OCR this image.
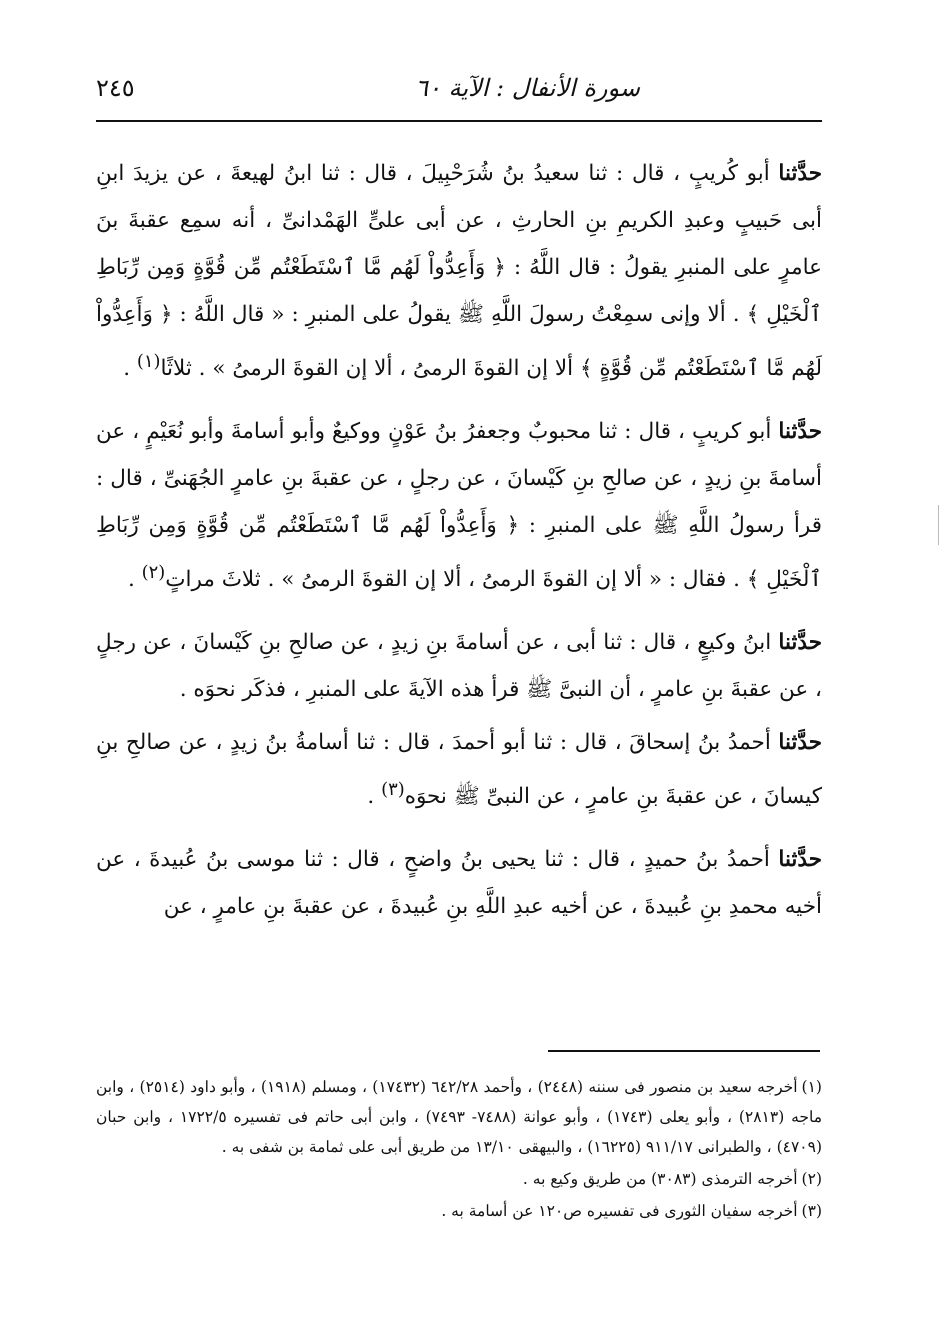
سورة الأنفال : الآية ٦٠
٢٤٥

حدَّثنا أبو كُريبٍ ، قال : ثنا سعيدُ بنُ شُرَحْبِيلَ ، قال : ثنا ابنُ لهيعةَ ، عن يزيدَ ابنِ أبى حَبيبٍ وعبدِ الكريمِ بنِ الحارثِ ، عن أبى علىٍّ الهَمْدانىِّ ، أنه سمِع عقبةَ بنَ عامرٍ على المنبرِ يقولُ : قال اللَّهُ : ﴿ وَأَعِدُّواْ لَهُم مَّا ٱسْتَطَعْتُم مِّن قُوَّةٍ وَمِن رِّبَاطِ ٱلْخَيْلِ ﴾ . ألا وإنى سمِعْتُ رسولَ اللَّهِ ﷺ يقولُ على المنبرِ : « قال اللَّهُ : ﴿ وَأَعِدُّواْ لَهُم مَّا ٱسْتَطَعْتُم مِّن قُوَّةٍ ﴾ ألا إن القوةَ الرمىُ ، ألا إن القوةَ الرمىُ » . ثلاثًا$^{(١)}$ .

حدَّثنا أبو كريبٍ ، قال : ثنا محبوبٌ وجعفرُ بنُ عَوْنٍ ووكيعٌ وأبو أسامةَ وأبو نُعَيْمٍ ، عن أسامةَ بنِ زيدٍ ، عن صالحِ بنِ كَيْسانَ ، عن رجلٍ ، عن عقبةَ بنِ عامرٍ الجُهَنىِّ ، قال : قرأ رسولُ اللَّهِ ﷺ على المنبرِ : ﴿ وَأَعِدُّواْ لَهُم مَّا ٱسْتَطَعْتُم مِّن قُوَّةٍ وَمِن رِّبَاطِ ٱلْخَيْلِ ﴾ . فقال : « ألا إن القوةَ الرمىُ ، ألا إن القوةَ الرمىُ » . ثلاثَ مراتٍ$^{(٢)}$ .

حدَّثنا ابنُ وكيعٍ ، قال : ثنا أبى ، عن أسامةَ بنِ زيدٍ ، عن صالحِ بنِ كَيْسانَ ، عن رجلٍ ، عن عقبةَ بنِ عامرٍ ، أن النبىَّ ﷺ قرأ هذه الآيةَ على المنبرِ ، فذكَر نحوَه .

حدَّثنا أحمدُ بنُ إسحاقَ ، قال : ثنا أبو أحمدَ ، قال : ثنا أسامةُ بنُ زيدٍ ، عن صالحِ بنِ كيسانَ ، عن عقبةَ بنِ عامرٍ ، عن النبىِّ ﷺ نحوَه$^{(٣)}$ .

حدَّثنا أحمدُ بنُ حميدٍ ، قال : ثنا يحيى بنُ واضحٍ ، قال : ثنا موسى بنُ عُبيدةَ ، عن أخيه محمدِ بنِ عُبيدةَ ، عن أخيه عبدِ اللَّهِ بنِ عُبيدةَ ، عن عقبةَ بنِ عامرٍ ، عن

(١)أخرجه سعيد بن منصور فى سننه (٢٤٤٨) ، وأحمد ٦٤٢/٢٨ (١٧٤٣٢) ، ومسلم (١٩١٨) ، وأبو داود (٢٥١٤) ، وابن ماجه (٢٨١٣) ، وأبو يعلى (١٧٤٣) ، وأبو عوانة (٧٤٨٨- ٧٤٩٣) ، وابن أبى حاتم فى تفسيره ١٧٢٢/٥ ، وابن حبان (٤٧٠٩) ، والطبرانى ٩١١/١٧ (١٦٢٢٥) ، والبيهقى ١٣/١٠ من طريق أبى على ثمامة بن شفى به .

(٢)أخرجه الترمذى (٣٠٨٣) من طريق وكيع به .

(٣)أخرجه سفيان الثورى فى تفسيره ص١٢٠ عن أسامة به .
